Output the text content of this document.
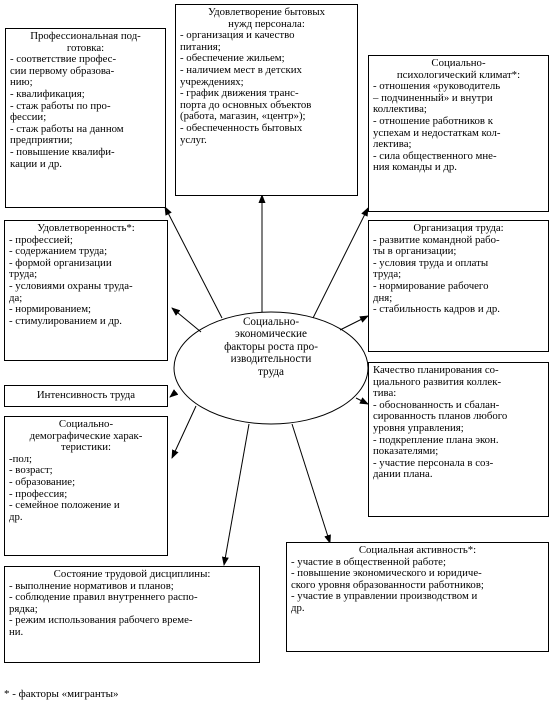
Профессиональная под-
готовка:
- соответствие профес-
сии первому образова-
нию;
- квалификация;
- стаж работы по про-
фессии;
- стаж работы на данном
предприятии;
- повышение квалифи-
кации и др.
Удовлетворение бытовых
нужд персонала:
- организация и качество
питания;
- обеспечение жильем;
- наличием мест в детских
учреждениях;
- график движения транс-
порта до основных объектов
(работа, магазин, «центр»);
- обеспеченность бытовых
услуг.
Социально-
психологический климат*:
- отношения «руководитель
– подчиненный» и внутри
коллектива;
- отношение работников к
успехам и недостаткам кол-
лектива;
- сила общественного мне-
ния команды и др.
Удовлетворенность*:
- профессией;
- содержанием труда;
- формой организации
труда;
- условиями охраны труда-
да;
- нормированием;
- стимулированием и др.
Организация труда:
- развитие командной рабо-
ты в организации;
- условия труда и оплаты
труда;
- нормирование рабочего
дня;
- стабильность кадров и др.
Интенсивность труда
Качество планирования со-
циального развития коллек-
тива:
- обоснованность и сбалан-
сированность планов любого
уровня управления;
- подкрепление плана экон.
показателями;
- участие персонала в соз-
дании плана.
Социально-
демографические харак-
теристики:
-пол;
- возраст;
- образование;
- профессия;
- семейное положение и
др.
Социальная активность*:
- участие в общественной работе;
- повышение экономического и юридиче-
ского уровня образованности работников;
- участие в управлении производством и
др.
Состояние трудовой дисциплины:
- выполнение нормативов и планов;
- соблюдение правил внутреннего распо-
рядка;
- режим использования рабочего време-
ни.
Социально-
экономические
факторы роста про-
изводительности
труда
* - факторы «мигранты»
